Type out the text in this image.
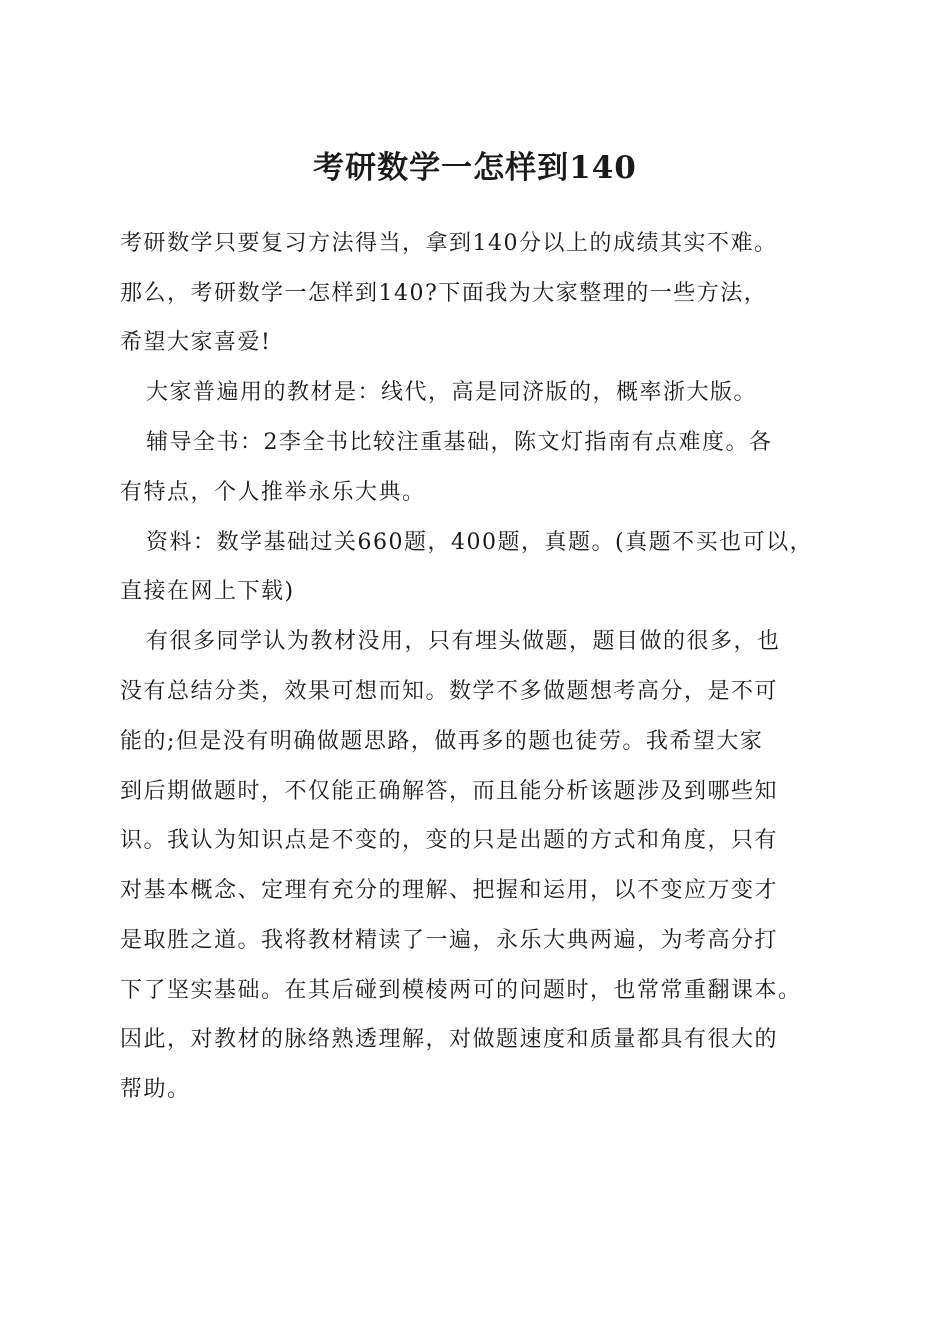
考研数学一怎样到140
考研数学只要复习方法得当，拿到140分以上的成绩其实不难。
那么，考研数学一怎样到140?下面我为大家整理的一些方法，
希望大家喜爱!
大家普遍用的教材是：线代，高是同济版的，概率浙大版。
辅导全书：2李全书比较注重基础，陈文灯指南有点难度。各
有特点，个人推举永乐大典。
资料：数学基础过关660题，400题，真题。(真题不买也可以，
直接在网上下载)
有很多同学认为教材没用，只有埋头做题，题目做的很多，也
没有总结分类，效果可想而知。数学不多做题想考高分，是不可
能的;但是没有明确做题思路，做再多的题也徒劳。我希望大家
到后期做题时，不仅能正确解答，而且能分析该题涉及到哪些知
识。我认为知识点是不变的，变的只是出题的方式和角度，只有
对基本概念、定理有充分的理解、把握和运用，以不变应万变才
是取胜之道。我将教材精读了一遍，永乐大典两遍，为考高分打
下了坚实基础。在其后碰到模棱两可的问题时，也常常重翻课本。
因此，对教材的脉络熟透理解，对做题速度和质量都具有很大的
帮助。
